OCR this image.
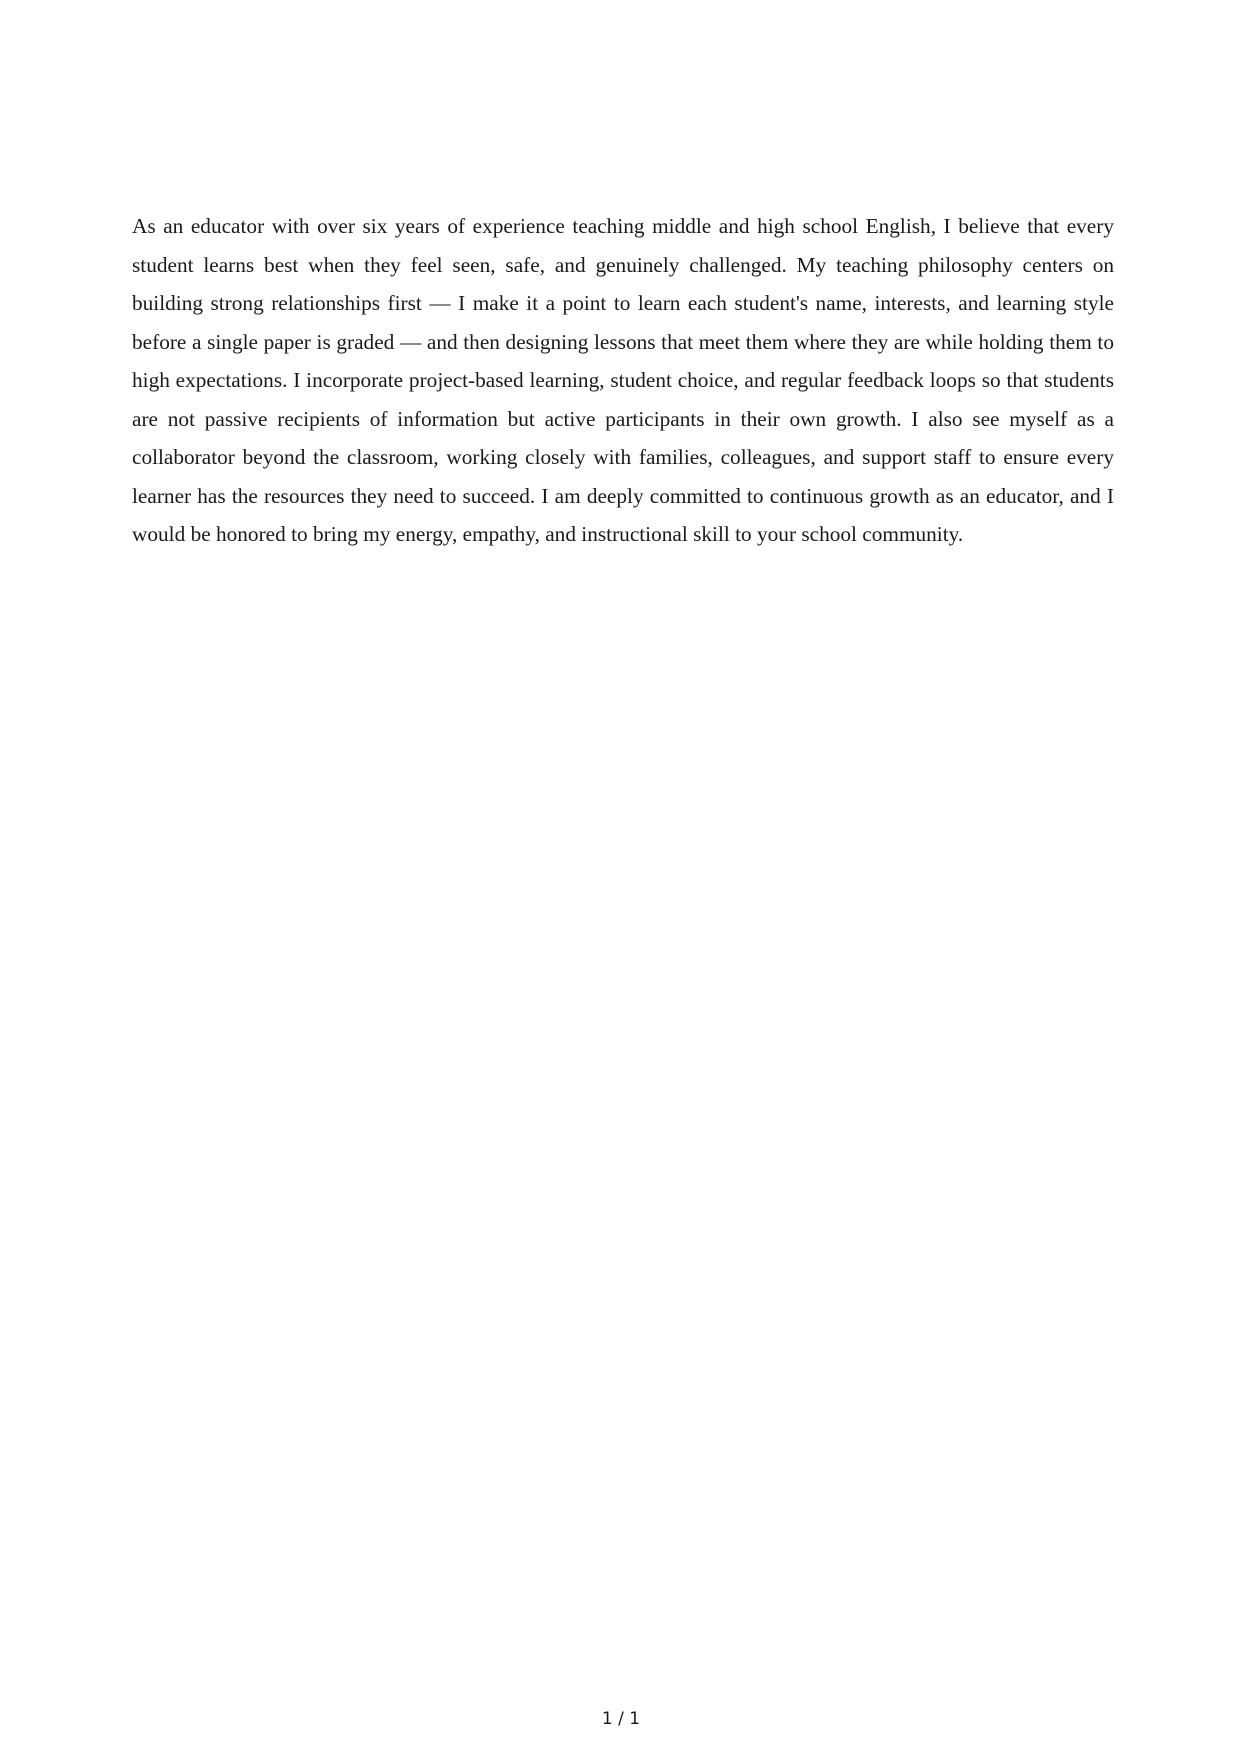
As an educator with over six years of experience teaching middle and high school English, I believe that every student learns best when they feel seen, safe, and genuinely challenged. My teaching philosophy centers on building strong relationships first — I make it a point to learn each student's name, interests, and learning style before a single paper is graded — and then designing lessons that meet them where they are while holding them to high expectations. I incorporate project-based learning, student choice, and regular feedback loops so that students are not passive recipients of information but active participants in their own growth. I also see myself as a collaborator beyond the classroom, working closely with families, colleagues, and support staff to ensure every learner has the resources they need to succeed. I am deeply committed to continuous growth as an educator, and I would be honored to bring my energy, empathy, and instructional skill to your school community.

1 / 1
